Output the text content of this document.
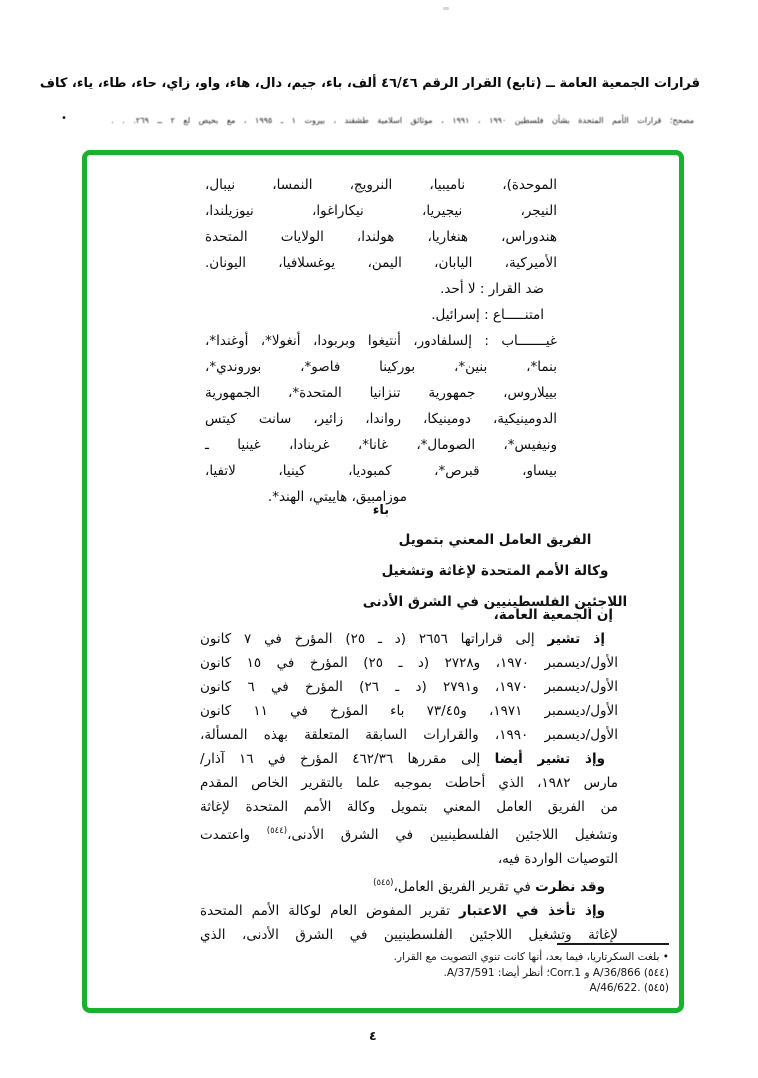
قرارات الجمعية العامة ــ (تابع) القرار الرقم ٤٦/٤٦ ألف، باء، جيم، دال، هاء، واو، زاي، حاء، طاء، ياء، كاف
•	مصحح؛ قرارات الأمم المتحدة بشأن فلسطين ١٩٩٠ ، ١٩٩١ ، موثائق اسلامية طشقند ، بيروت ١ ـ ١٩٩٥ ، مع بحيص لع ٢ ــ ٢٦٩. . .
الموحدة)، ناميبيا، النرويج، النمسا، نيبال،
النيجر، نيجيريا، نيكاراغوا، نيوزيلندا،
هندوراس، هنغاريا، هولندا، الولايات المتحدة
الأميركية، اليابان، اليمن، يوغسلافيا، اليونان.
ضد القرار : لا أحد.
امتنـــــاع : إسرائيل.
غيـــــــاب : إلسلفادور، أنتيغوا وبربودا، أنغولا*، أوغندا*،
بنما*، بنين*، بوركينا فاصو*، بوروندي*،
بييلاروس، جمهورية تنزانيا المتحدة*، الجمهورية
الدومينيكية، دومينيكا، رواندا، زائير، سانت كيتس
ونيفيس*، الصومال*، غانا*، غرينادا، غينيا ـ
بيساو، قبرص*، كمبوديا، كينيا، لاتفيا،
موزامبيق، هاييتي، الهند*.
باء
الفريق العامل المعني بتمويل
وكالة الأمم المتحدة لإغاثة وتشغيل
اللاجئين الفلسطينيين في الشرق الأدنى
إن الجمعية العامة،
إذ تشير إلى قراراتها ٢٦٥٦ (د ـ ٢٥) المؤرخ في ٧ كانون
الأول/ديسمبر ١٩٧٠، و٢٧٢٨ (د ـ ٢٥) المؤرخ في ١٥ كانون
الأول/ديسمبر ١٩٧٠، و٢٧٩١ (د ـ ٢٦) المؤرخ في ٦ كانون
الأول/ديسمبر ١٩٧١، و٧٣/٤٥ باء المؤرخ في ١١ كانون
الأول/ديسمبر ١٩٩٠، والقرارات السابقة المتعلقة بهذه المسألة،
وإذ تشير أيضا إلى مقررها ٤٦٢/٣٦ المؤرخ في ١٦ آذار/
مارس ١٩٨٢، الذي أحاطت بموجبه علما بالتقرير الخاص المقدم
من الفريق العامل المعني بتمويل وكالة الأمم المتحدة لإغاثة
وتشغيل اللاجئين الفلسطينيين في الشرق الأدنى،$^{(٥٤٤)}$ واعتمدت
التوصيات الواردة فيه،
وقد نظرت في تقرير الفريق العامل،$^{(٥٤٥)}$
وإذ تأخذ في الاعتبار تقرير المفوض العام لوكالة الأمم المتحدة
لإغاثة وتشغيل اللاجئين الفلسطينيين في الشرق الأدنى، الذي
• بلغت السكرتاريا، فيما بعد، أنها كانت تنوي التصويت مع القرار.
(٥٤٤) A/36/866 و Corr.1؛ أنظر أيضا: A/37/591.
(٥٤٥) A/46/622.‎
٤
